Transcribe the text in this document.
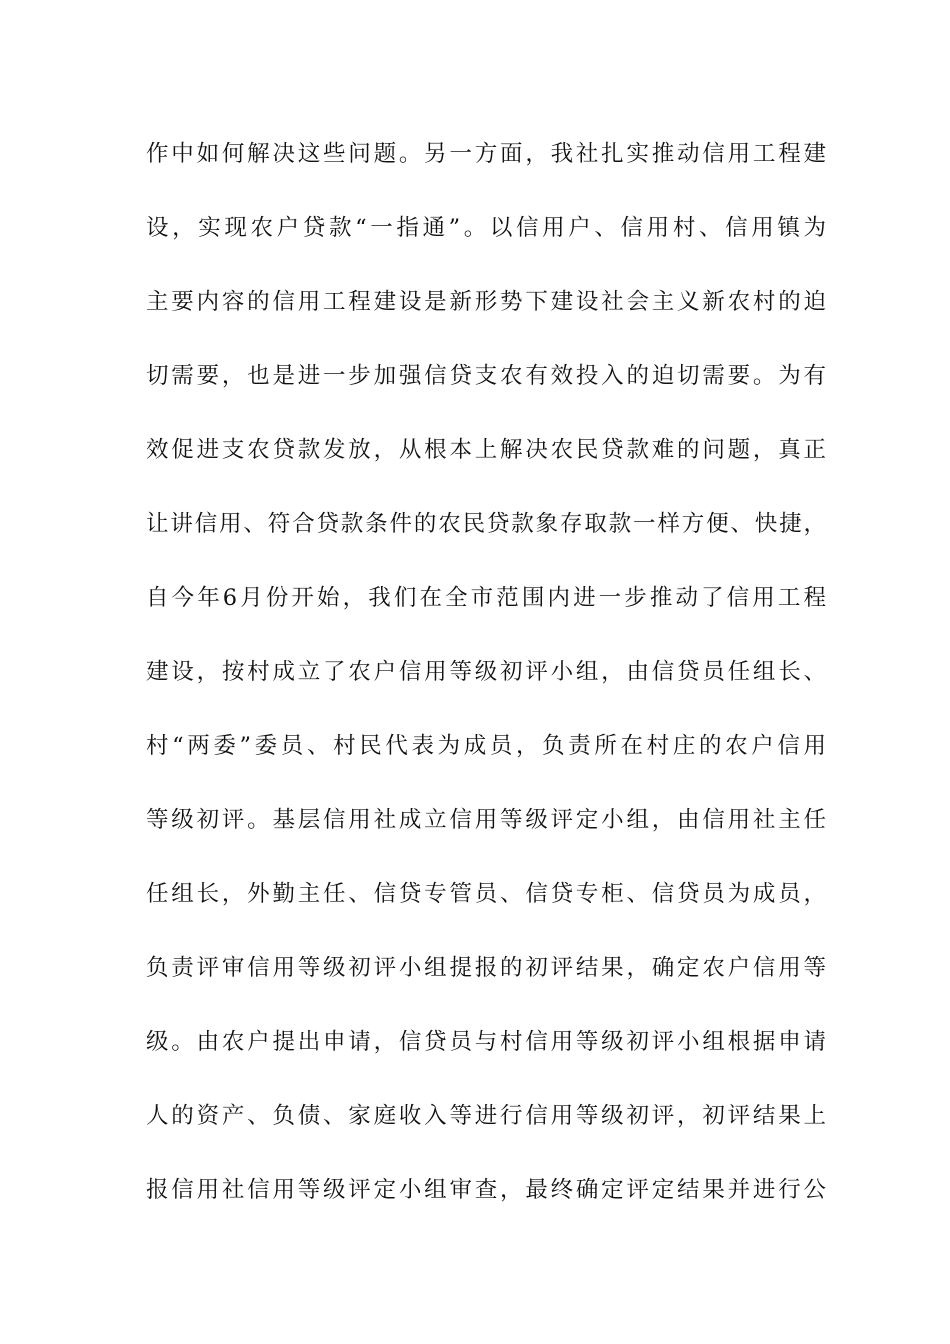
作中如何解决这些问题。另一方面，我社扎实推动信用工程建
设，实现农户贷款“一指通”。以信用户、信用村、信用镇为
主要内容的信用工程建设是新形势下建设社会主义新农村的迫
切需要，也是进一步加强信贷支农有效投入的迫切需要。为有
效促进支农贷款发放，从根本上解决农民贷款难的问题，真正
让讲信用、符合贷款条件的农民贷款象存取款一样方便、快捷，
自今年6月份开始，我们在全市范围内进一步推动了信用工程
建设，按村成立了农户信用等级初评小组，由信贷员任组长、
村“两委”委员、村民代表为成员，负责所在村庄的农户信用
等级初评。基层信用社成立信用等级评定小组，由信用社主任
任组长，外勤主任、信贷专管员、信贷专柜、信贷员为成员，
负责评审信用等级初评小组提报的初评结果，确定农户信用等
级。由农户提出申请，信贷员与村信用等级初评小组根据申请
人的资产、负债、家庭收入等进行信用等级初评，初评结果上
报信用社信用等级评定小组审查，最终确定评定结果并进行公
